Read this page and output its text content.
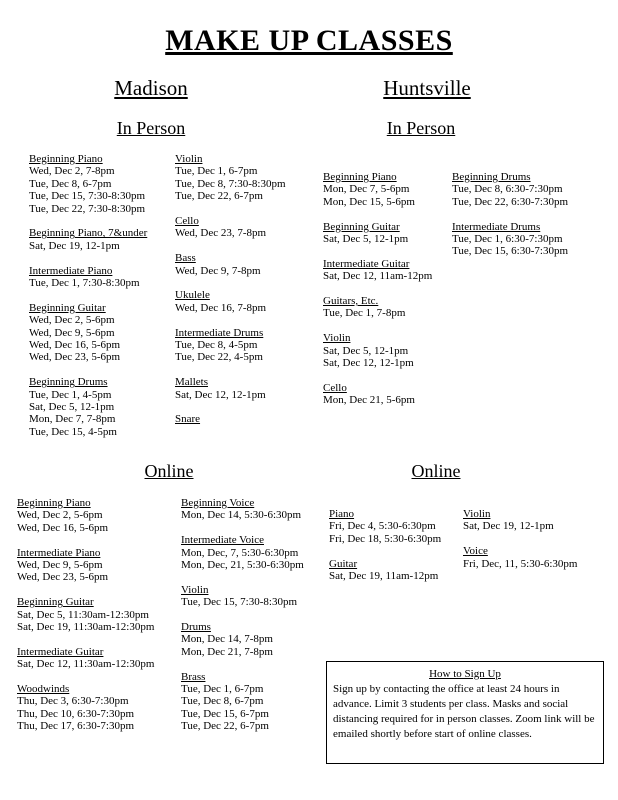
MAKE UP CLASSES
Madison	Huntsville
In Person	In Person
Beginning Piano
Wed, Dec 2, 7-8pm
Tue, Dec 8, 6-7pm
Tue, Dec 15, 7:30-8:30pm
Tue, Dec 22, 7:30-8:30pm
Beginning Piano, 7&under
Sat, Dec 19, 12-1pm
Intermediate Piano
Tue, Dec 1, 7:30-8:30pm
Beginning Guitar
Wed, Dec 2, 5-6pm
Wed, Dec 9, 5-6pm
Wed, Dec 16, 5-6pm
Wed, Dec 23, 5-6pm
Beginning Drums
Tue, Dec 1, 4-5pm
Sat, Dec 5, 12-1pm
Mon, Dec 7, 7-8pm
Tue, Dec 15, 4-5pm
Violin
Tue, Dec 1, 6-7pm
Tue, Dec 8, 7:30-8:30pm
Tue, Dec 22, 6-7pm
Cello
Wed, Dec 23, 7-8pm
Bass
Wed, Dec 9, 7-8pm
Ukulele
Wed, Dec 16, 7-8pm
Intermediate Drums
Tue, Dec 8, 4-5pm
Tue, Dec 22, 4-5pm
Mallets
Sat, Dec 12, 12-1pm
Snare
Beginning Piano
Mon, Dec 7, 5-6pm
Mon, Dec 15, 5-6pm
Beginning Guitar
Sat, Dec 5, 12-1pm
Intermediate Guitar
Sat, Dec 12, 11am-12pm
Guitars, Etc.
Tue, Dec 1, 7-8pm
Violin
Sat, Dec 5, 12-1pm
Sat, Dec 12, 12-1pm
Cello
Mon, Dec 21, 5-6pm
Beginning Drums
Tue, Dec 8, 6:30-7:30pm
Tue, Dec 22, 6:30-7:30pm
Intermediate Drums
Tue, Dec 1, 6:30-7:30pm
Tue, Dec 15, 6:30-7:30pm
Online	Online
Beginning Piano
Wed, Dec 2, 5-6pm
Wed, Dec 16, 5-6pm
Intermediate Piano
Wed, Dec 9, 5-6pm
Wed, Dec 23, 5-6pm
Beginning Guitar
Sat, Dec 5, 11:30am-12:30pm
Sat, Dec 19, 11:30am-12:30pm
Intermediate Guitar
Sat, Dec 12, 11:30am-12:30pm
Woodwinds
Thu, Dec 3, 6:30-7:30pm
Thu, Dec 10, 6:30-7:30pm
Thu, Dec 17, 6:30-7:30pm
Beginning Voice
Mon, Dec 14, 5:30-6:30pm
Intermediate Voice
Mon, Dec, 7, 5:30-6:30pm
Mon, Dec, 21, 5:30-6:30pm
Violin
Tue, Dec 15, 7:30-8:30pm
Drums
Mon, Dec 14, 7-8pm
Mon, Dec 21, 7-8pm
Brass
Tue, Dec 1, 6-7pm
Tue, Dec 8, 6-7pm
Tue, Dec 15, 6-7pm
Tue, Dec 22, 6-7pm
Piano
Fri, Dec 4, 5:30-6:30pm
Fri, Dec 18, 5:30-6:30pm
Guitar
Sat, Dec 19, 11am-12pm
Violin
Sat, Dec 19, 12-1pm
Voice
Fri, Dec, 11, 5:30-6:30pm
How to Sign Up
Sign up by contacting the office at least 24 hours in advance. Limit 3 students per class. Masks and social distancing required for in person classes. Zoom link will be emailed shortly before start of online classes.
